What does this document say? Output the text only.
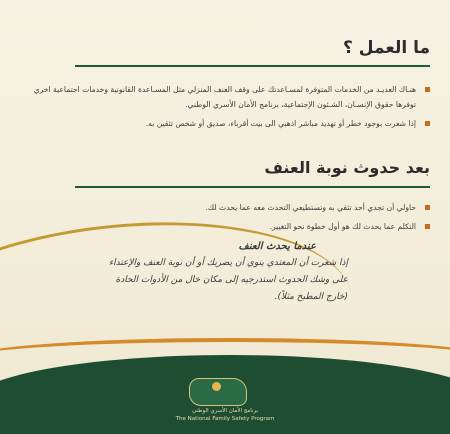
ما العمل ؟
هنـاك العديـد من الخدمات المتوفرة لمسـاعدتك على وقف العنف المنزلي مثل المسـاعدة القانونية وخدمات اجتماعية اخري توفرها حقوق الإنسـان، الشـئون الإجتماعية، برنامج الأمان الأسري الوطني.
إذا شعرت بوجود خطر أو تهديد مباشر اذهبي الى بيت أقرباء، صديق أو شخص تثقين به.
بعد حدوث نوبة العنف
حاولي أن تجدي أحد تثقي به وتستطيعي التحدث معه عما يحدث لك.
التكلم عما يحدث لك هو أول خطوة نحو التغيير.
عندما يحدث العنف
إذا شعرت أن المعتدي ينوي أن يضربك أو أن نوبة العنف والإعتداء على وشك الحدوث استدرجيه إلى مكان خال من الأدوات الحادة (خارج المطبخ مثلاً).
برنامج الأمان الأسري الوطني
The National Family Safety Program
